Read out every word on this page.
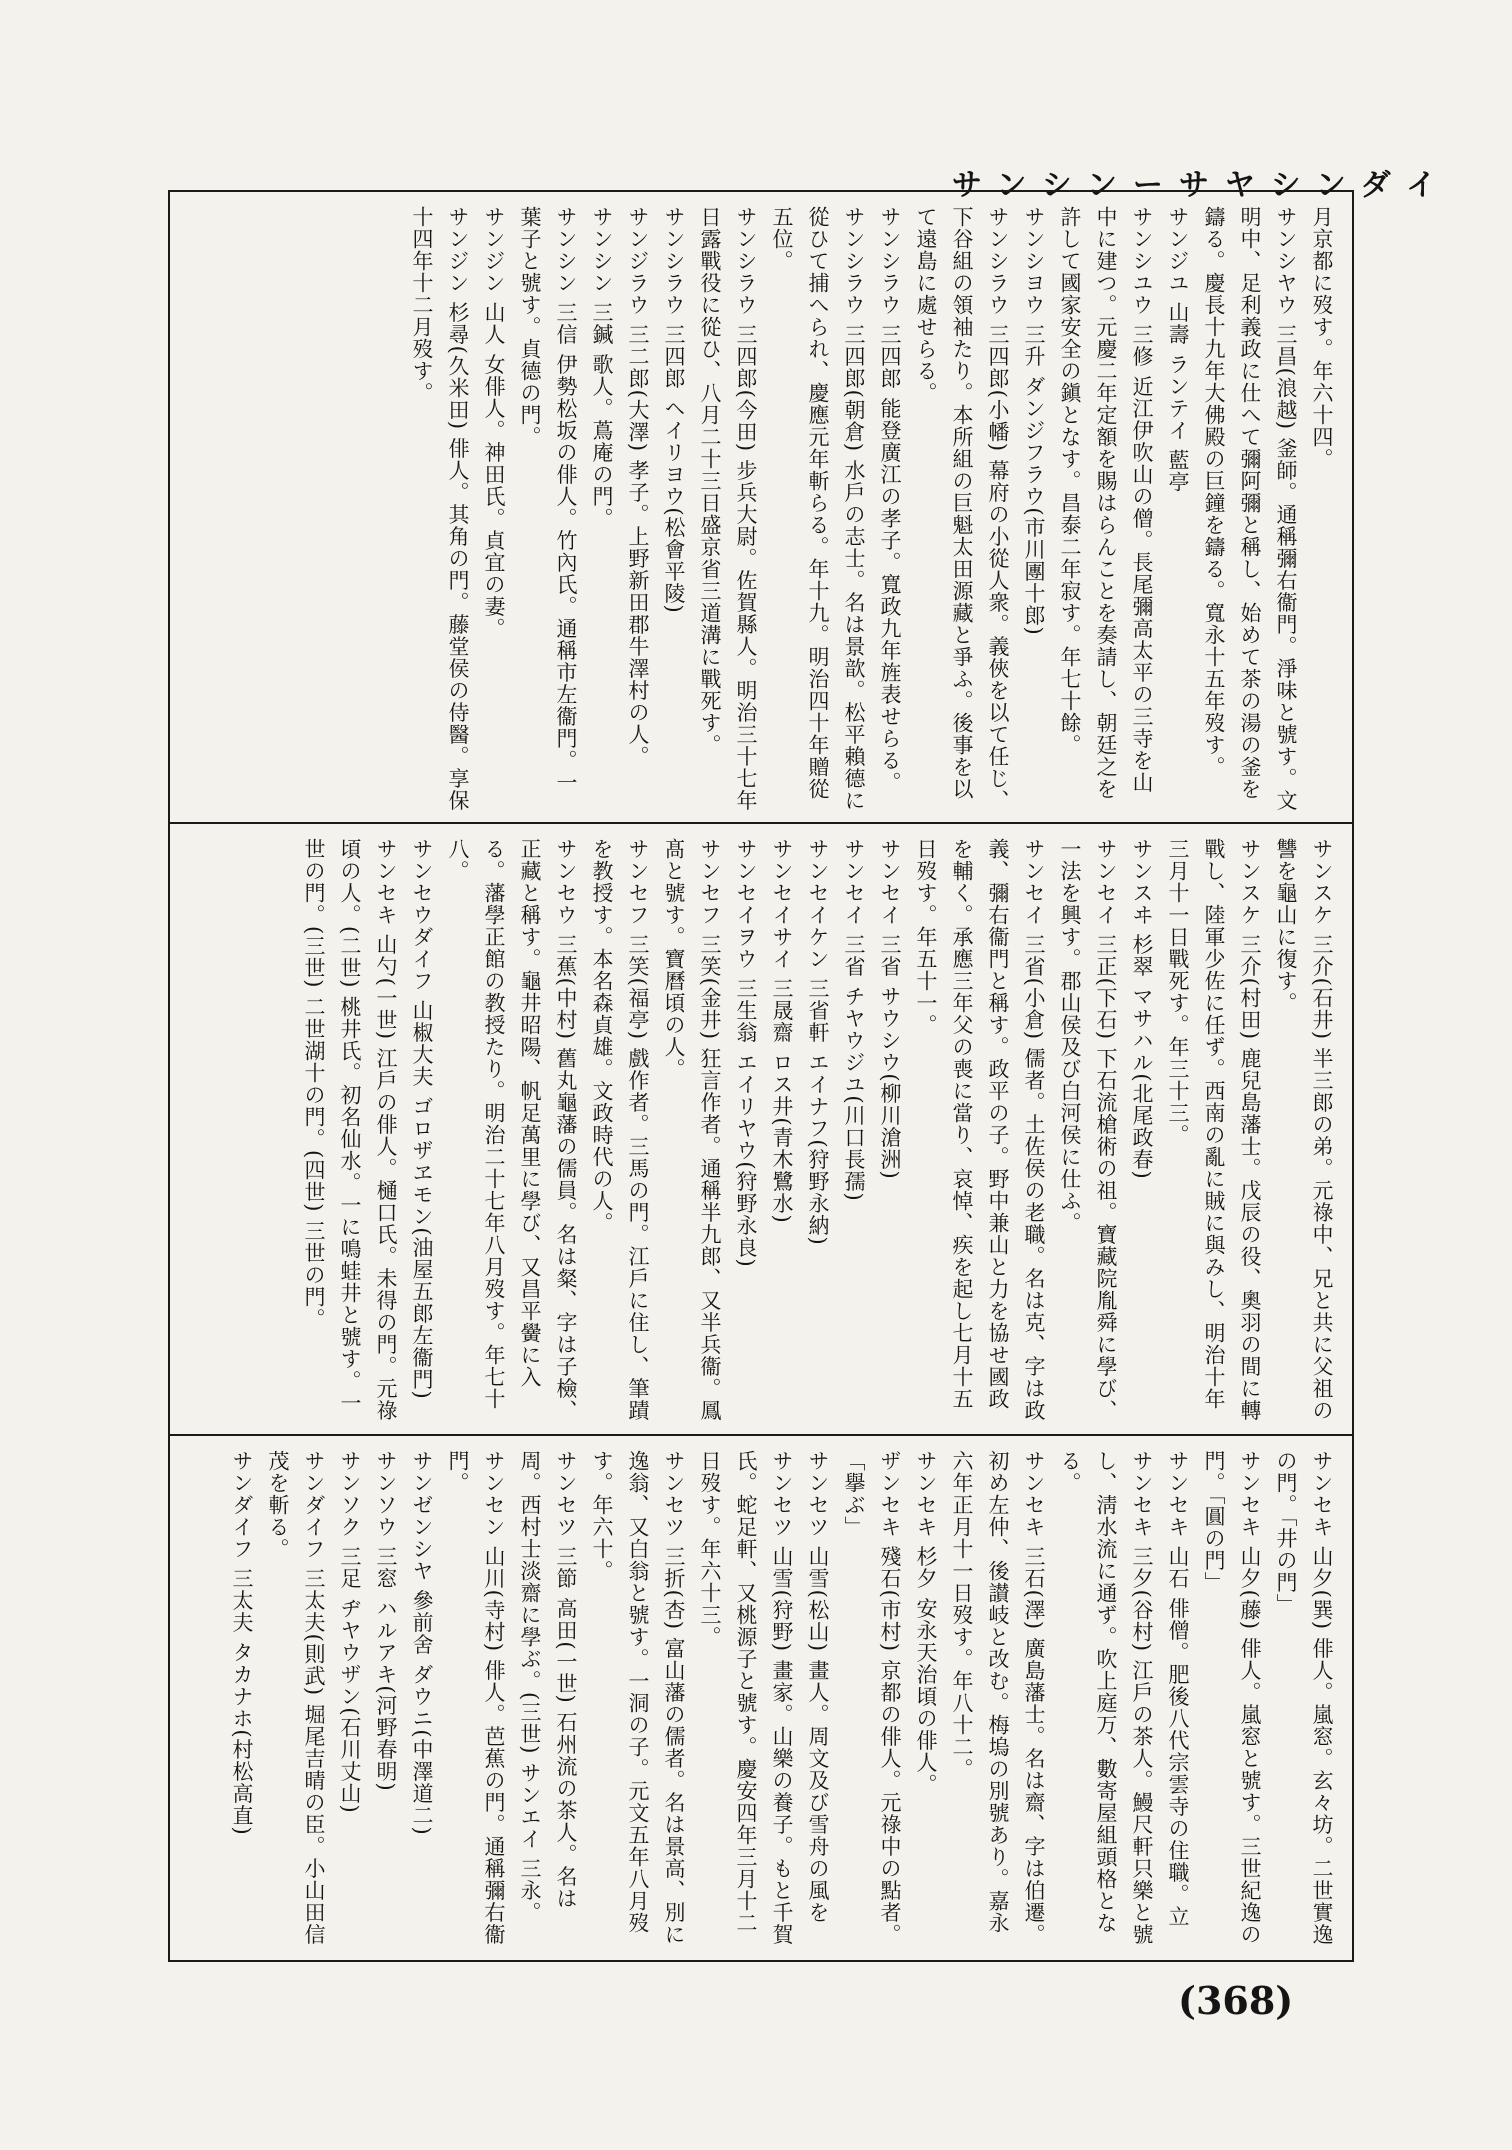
サンシンーサヤシンダイ

月京都に歿す。年六十四。

サンシヤウ 三昌(浪越) 釜師。通稱彌右衞門。淨味と號す。文明中、足利義政に仕へて彌阿彌と稱し、始めて茶の湯の釜を鑄る。慶長十九年大佛殿の巨鐘を鑄る。寬永十五年歿す。

サンジユ 山壽 ランテイ 藍亭

サンシユウ 三修 近江伊吹山の僧。長尾彌高太平の三寺を山中に建つ。元慶二年定額を賜はらんことを奏請し、朝廷之を許して國家安全の鎭となす。昌泰二年寂す。年七十餘。

サンシヨウ 三升 ダンジフラウ(市川團十郎)

サンシラウ 三四郎(小幡) 幕府の小從人衆。義俠を以て任じ、下谷組の領袖たり。本所組の巨魁太田源藏と爭ふ。後事を以て遠島に處せらる。

サンシラウ 三四郎 能登廣江の孝子。寬政九年旌表せらる。

サンシラウ 三四郎(朝倉) 水戶の志士。名は景歆。松平賴德に從ひて捕へられ、慶應元年斬らる。年十九。明治四十年贈從五位。

サンシラウ 三四郎(今田) 步兵大尉。佐賀縣人。明治三十七年日露戰役に從ひ、八月二十三日盛京省三道溝に戰死す。

サンシラウ 三四郎 ヘイリヨウ(松會平陵)

サンジラウ 三二郎(大澤) 孝子。上野新田郡牛澤村の人。

サンシン 三鍼 歌人。蔦庵の門。

サンシン 三信 伊勢松坂の俳人。竹內氏。通稱市左衞門。一葉子と號す。貞德の門。

サンジン 山人 女俳人。神田氏。貞宜の妻。

サンジン 杉尋(久米田) 俳人。其角の門。藤堂侯の侍醫。享保十四年十二月歿す。

サンスケ 三介(石井) 半三郎の弟。元祿中、兄と共に父祖の讐を龜山に復す。

サンスケ 三介(村田) 鹿兒島藩士。戊辰の役、奧羽の間に轉戰し、陸軍少佐に任ず。西南の亂に賊に與みし、明治十年三月十一日戰死す。年三十三。

サンスヰ 杉翠 マサハル(北尾政春)

サンセイ 三正(下石) 下石流槍術の祖。寶藏院胤舜に學び、一法を興す。郡山侯及び白河侯に仕ふ。

サンセイ 三省(小倉) 儒者。土佐侯の老職。名は克、字は政義、彌右衞門と稱す。政平の子。野中兼山と力を協せ國政を輔く。承應三年父の喪に當り、哀悼、疾を起し七月十五日歿す。年五十一。

サンセイ 三省 サウシウ(柳川滄洲)

サンセイ 三省 チヤウジユ(川口長孺)

サンセイケン 三省軒 エイナフ(狩野永納)

サンセイサイ 三晟齋 ロス井(青木鷺水)

サンセイヲウ 三生翁 エイリヤウ(狩野永良)

サンセフ 三笑(金井) 狂言作者。通稱半九郎、又半兵衞。鳳髙と號す。寶曆頃の人。

サンセフ 三笑(福亭) 戲作者。三馬の門。江戶に住し、筆蹟を教授す。本名森貞雄。文政時代の人。

サンセウ 三蕉(中村) 舊丸龜藩の儒員。名は粲、字は子檢、正藏と稱す。龜井昭陽、帆足萬里に學び、又昌平黌に入る。藩學正館の教授たり。明治二十七年八月歿す。年七十八。

サンセウダイフ 山椒大夫 ゴロザヱモン(油屋五郎左衞門)

サンセキ 山勺(一世) 江戶の俳人。樋口氏。未得の門。元祿頃の人。(二世) 桃井氏。初名仙水。一に鳴蛙井と號す。一世の門。(三世) 二世湖十の門。(四世) 三世の門。

サンセキ 山夕(巽) 俳人。嵐窓。玄々坊。二世實逸の門。「井の門」

サンセキ 山夕(藤) 俳人。嵐窓と號す。三世紀逸の門。「圓の門」

サンセキ 山石 俳僧。肥後八代宗雲寺の住職。立

サンセキ 三夕(谷村) 江戶の茶人。鰻尺軒只樂と號し、淸水流に通ず。吹上庭万、數寄屋組頭格となる。

サンセキ 三石(澤) 廣島藩士。名は齋、字は伯遷。初め左仲、後讃岐と改む。梅塢の別號あり。嘉永六年正月十一日歿す。年八十二。

サンセキ 杉夕 安永天治頃の俳人。

ザンセキ 殘石(市村) 京都の俳人。元祿中の點者。「擧ぶ」

サンセツ 山雪(松山) 畫人。周文及び雪舟の風を

サンセツ 山雪(狩野) 畫家。山樂の養子。もと千賀氏。蛇足軒、又桃源子と號す。慶安四年三月十二日歿す。年六十三。

サンセツ 三折(杏) 富山藩の儒者。名は景高、別に逸翁、又白翁と號す。一洞の子。元文五年八月歿す。年六十。

サンセツ 三節 高田(一世) 石州流の茶人。名は周。西村士淡齋に學ぶ。(三世) サンエイ 三永。

サンセン 山川(寺村) 俳人。芭蕉の門。通稱彌右衞門。

サンゼンシヤ 參前舍 ダウニ(中澤道二)

サンソウ 三窓 ハルアキ(河野春明)

サンソク 三足 ヂヤウザン(石川丈山)

サンダイフ 三太夫(則武) 堀尾吉晴の臣。小山田信茂を斬る。

サンダイフ 三太夫 タカナホ(村松高直)

(368)
